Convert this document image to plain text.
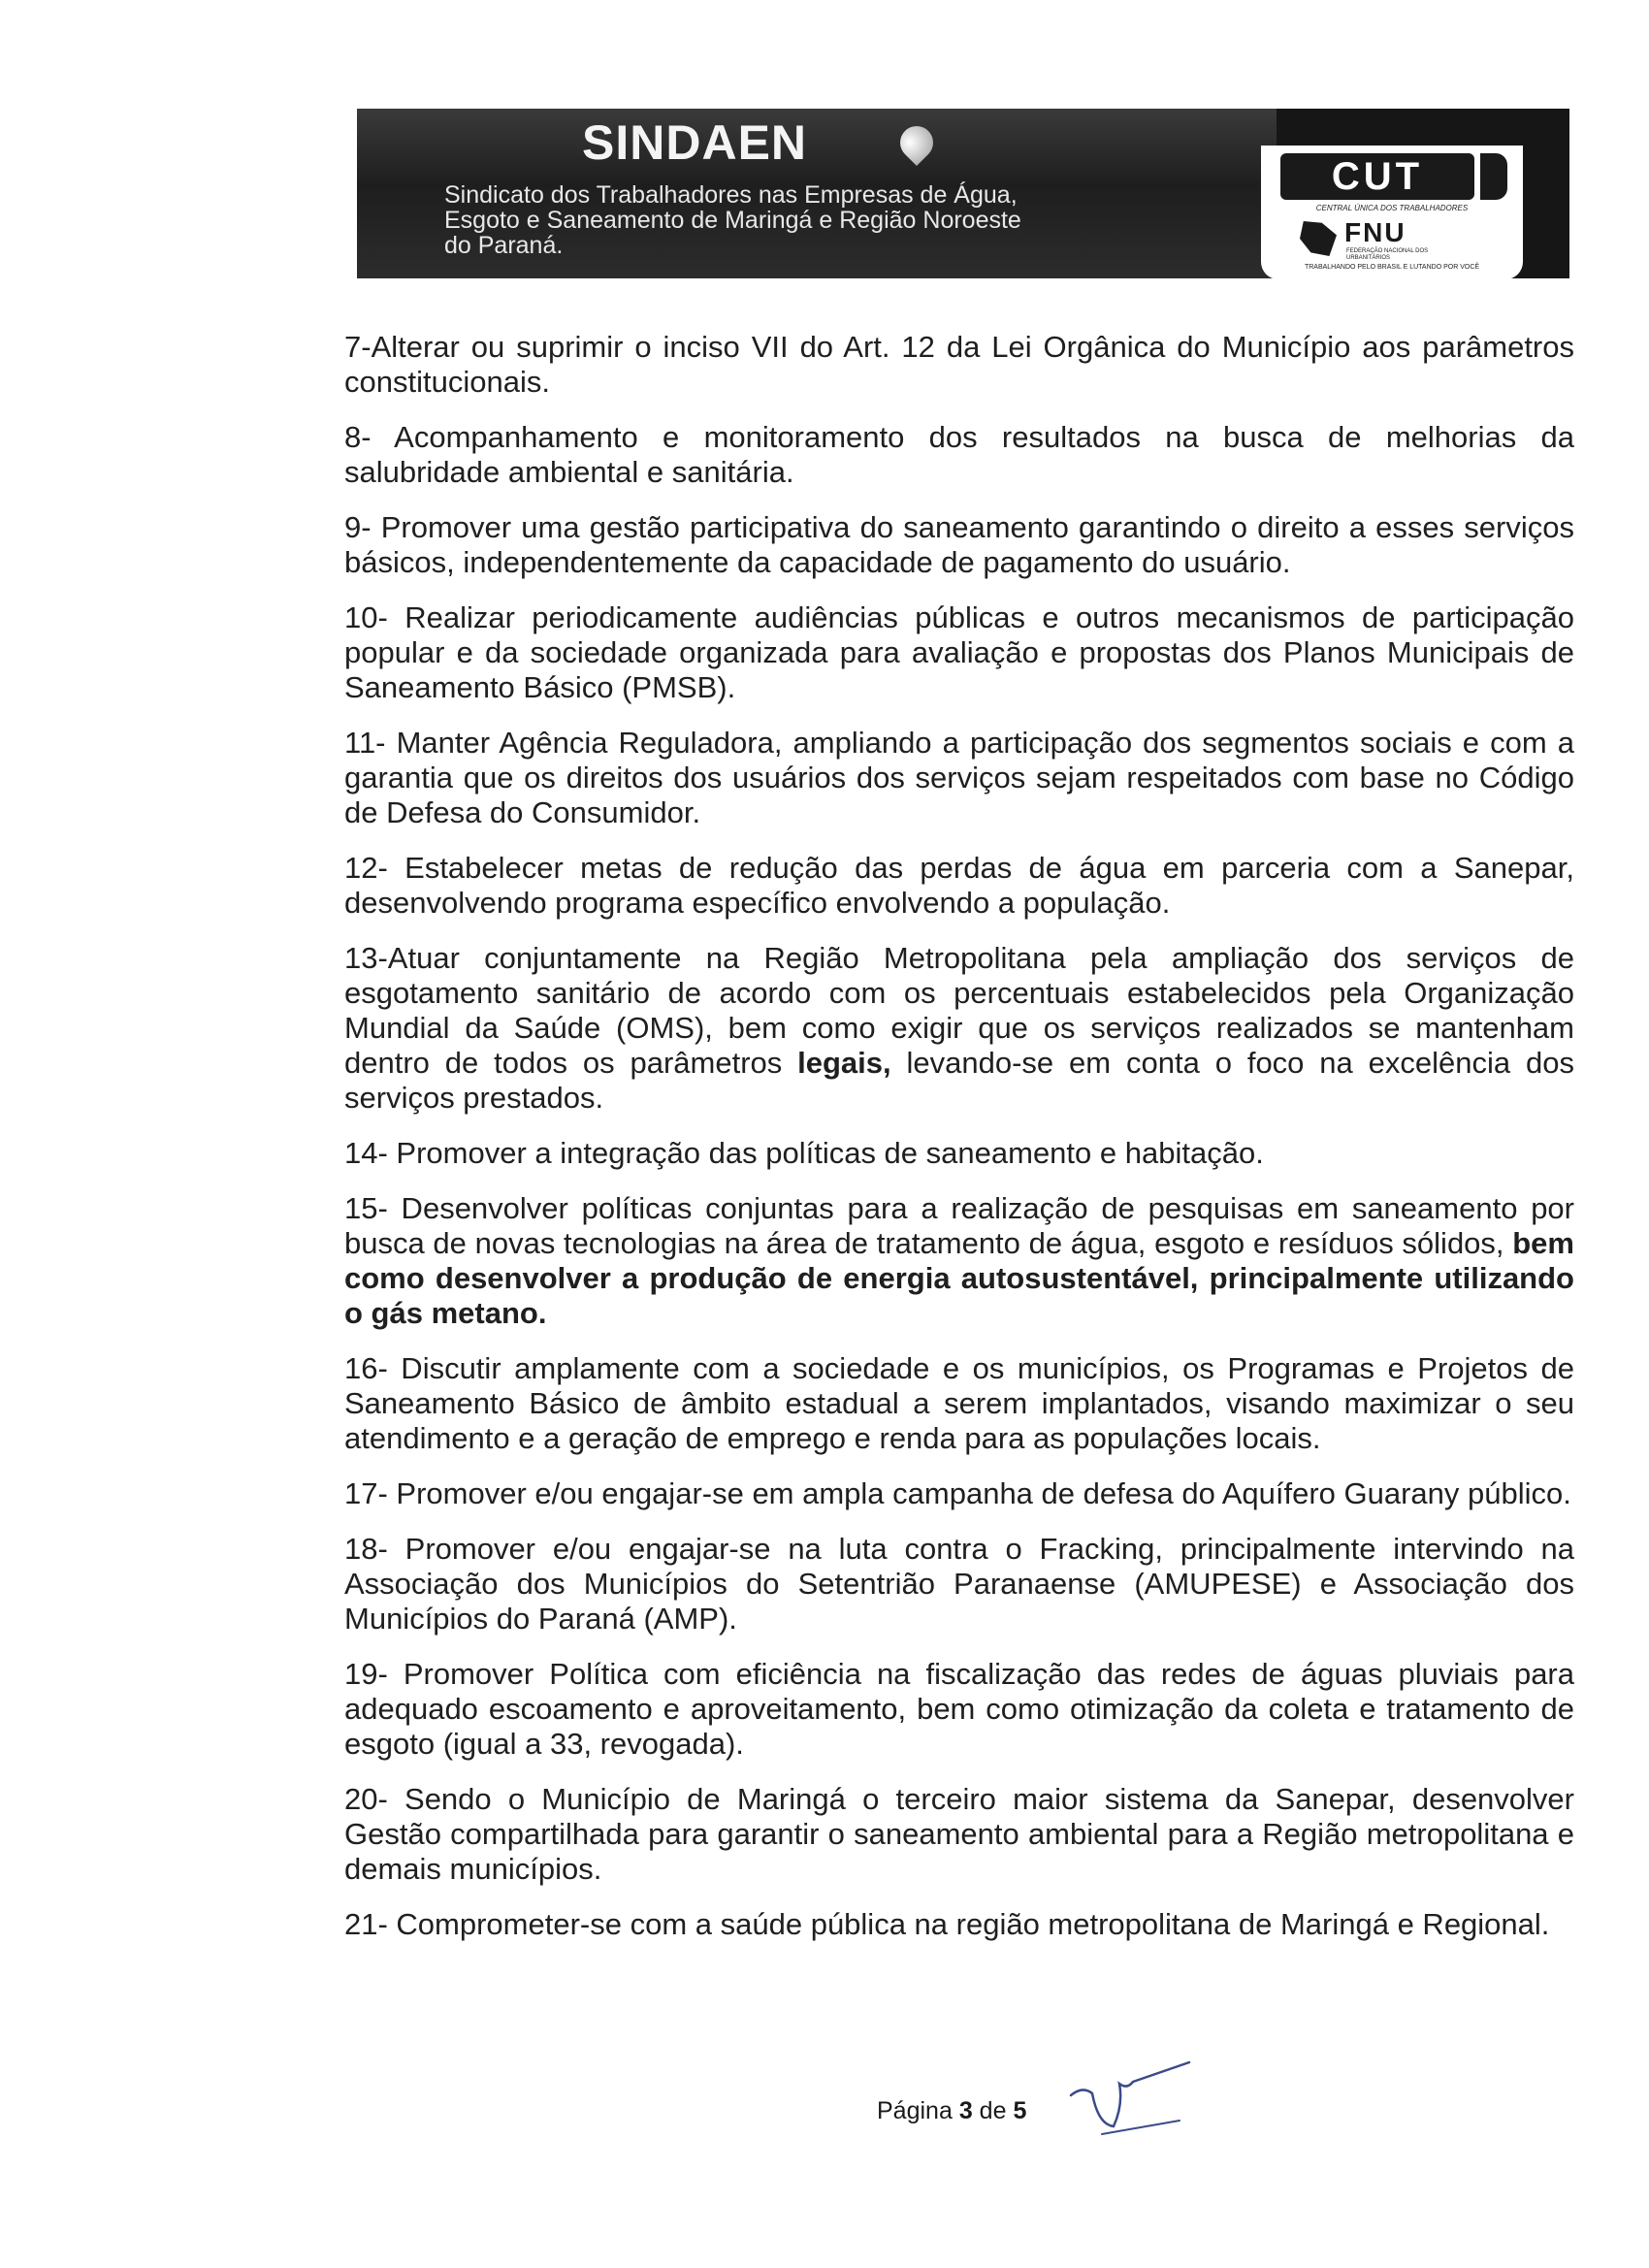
SINDAEN
Sindicato dos Trabalhadores nas Empresas de Água,
Esgoto e Saneamento de Maringá e Região Noroeste
do Paraná.
CUT
CENTRAL ÚNICA DOS TRABALHADORES
FNU
FEDERAÇÃO NACIONAL DOS URBANITÁRIOS
TRABALHANDO PELO BRASIL E LUTANDO POR VOCÊ

7-Alterar ou suprimir o inciso VII do Art. 12 da Lei Orgânica do Município aos parâmetros constitucionais.

8- Acompanhamento e monitoramento dos resultados na busca de melhorias da salubridade ambiental e sanitária.

9- Promover uma gestão participativa do saneamento garantindo o direito a esses serviços básicos, independentemente da capacidade de pagamento do usuário.

10- Realizar periodicamente audiências públicas e outros mecanismos de participação popular e da sociedade organizada para avaliação e propostas dos Planos Municipais de Saneamento Básico (PMSB).

11- Manter Agência Reguladora, ampliando a participação dos segmentos sociais e com a garantia que os direitos dos usuários dos serviços sejam respeitados com base no Código de Defesa do Consumidor.

12- Estabelecer metas de redução das perdas de água em parceria com a Sanepar, desenvolvendo programa específico envolvendo a população.

13-Atuar conjuntamente na Região Metropolitana pela ampliação dos serviços de esgotamento sanitário de acordo com os percentuais estabelecidos pela Organização Mundial da Saúde (OMS), bem como exigir que os serviços realizados se mantenham dentro de todos os parâmetros legais, levando-se em conta o foco na excelência dos serviços prestados.

14- Promover a integração das políticas de saneamento e habitação.

15- Desenvolver políticas conjuntas para a realização de pesquisas em saneamento por busca de novas tecnologias na área de tratamento de água, esgoto e resíduos sólidos, bem como desenvolver a produção de energia autosustentável, principalmente utilizando o gás metano.

16- Discutir amplamente com a sociedade e os municípios, os Programas e Projetos de Saneamento Básico de âmbito estadual a serem implantados, visando maximizar o seu atendimento e a geração de emprego e renda para as populações locais.

17- Promover e/ou engajar-se em ampla campanha de defesa do Aquífero Guarany público.

18- Promover e/ou engajar-se na luta contra o Fracking, principalmente intervindo na Associação dos Municípios do Setentrião Paranaense (AMUPESE) e Associação dos Municípios do Paraná (AMP).

19- Promover Política com eficiência na fiscalização das redes de águas pluviais para adequado escoamento e aproveitamento, bem como otimização da coleta e tratamento de esgoto (igual a 33, revogada).

20- Sendo o Município de Maringá o terceiro maior sistema da Sanepar, desenvolver Gestão compartilhada para garantir o saneamento ambiental para a Região metropolitana e demais municípios.

21- Comprometer-se com a saúde pública na região metropolitana de Maringá e Regional.

Página 3 de 5
